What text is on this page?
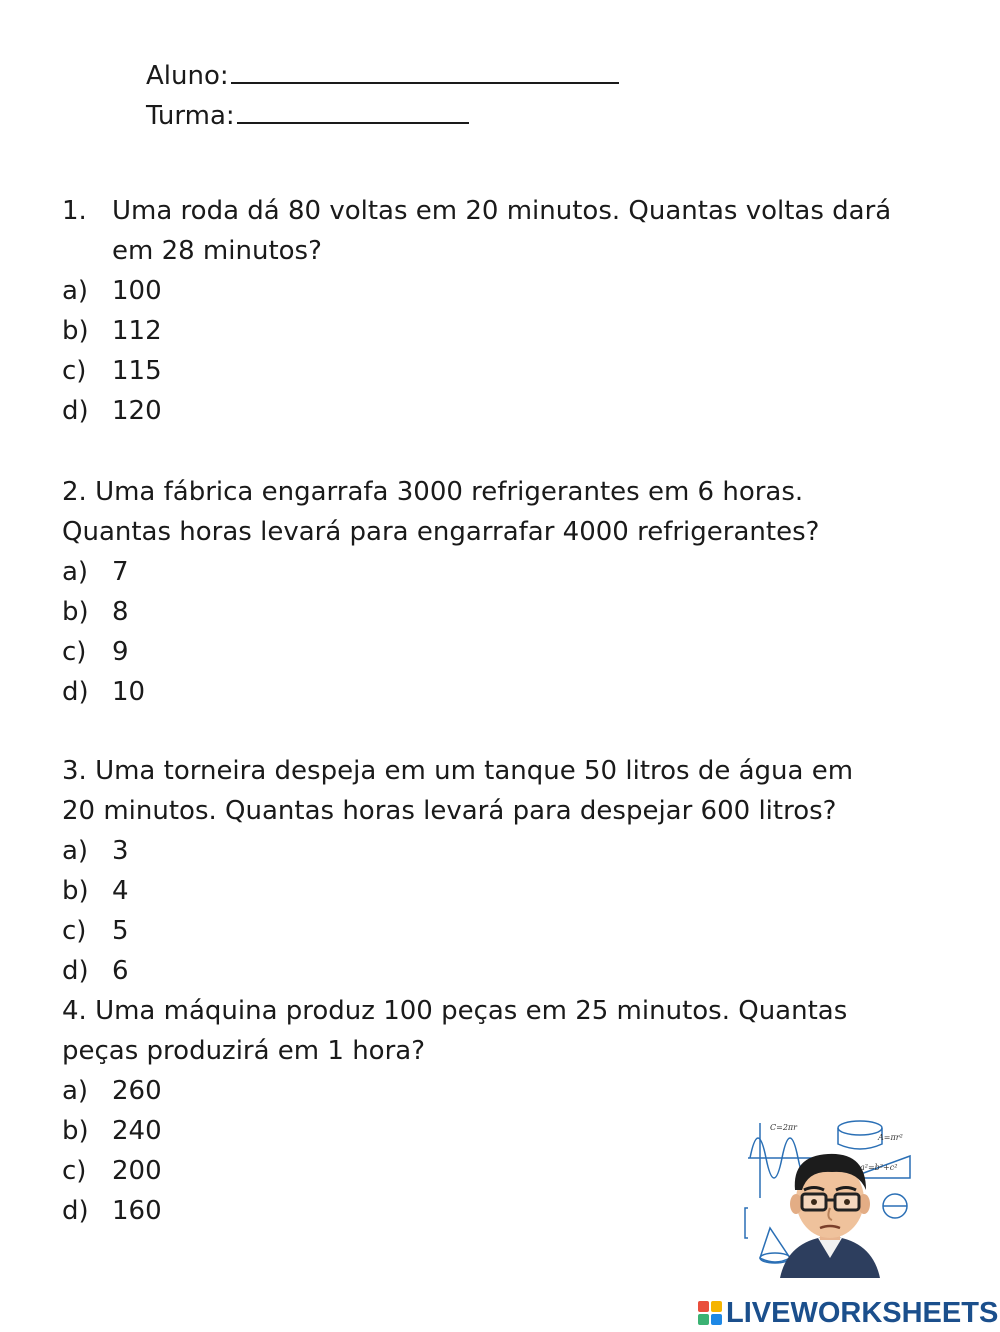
Aluno:
Turma:
1. Uma roda dá 80 voltas em 20 minutos. Quantas voltas dará
em 28 minutos?
a) 100
b) 112
c) 115
d) 120
2. Uma fábrica engarrafa 3000 refrigerantes em 6 horas.
Quantas horas levará para engarrafar 4000 refrigerantes?
a) 7
b) 8
c) 9
d) 10
3. Uma torneira despeja em um tanque 50 litros de água em
20 minutos. Quantas horas levará para despejar 600 litros?
a) 3
b) 4
c) 5
d) 6
4. Uma máquina produz 100 peças em 25 minutos. Quantas
peças produzirá em 1 hora?
a) 260
b) 240
c) 200
d) 160
C=2πr
A=πr²
a²=b²+c²
LIVEWORKSHEETS
